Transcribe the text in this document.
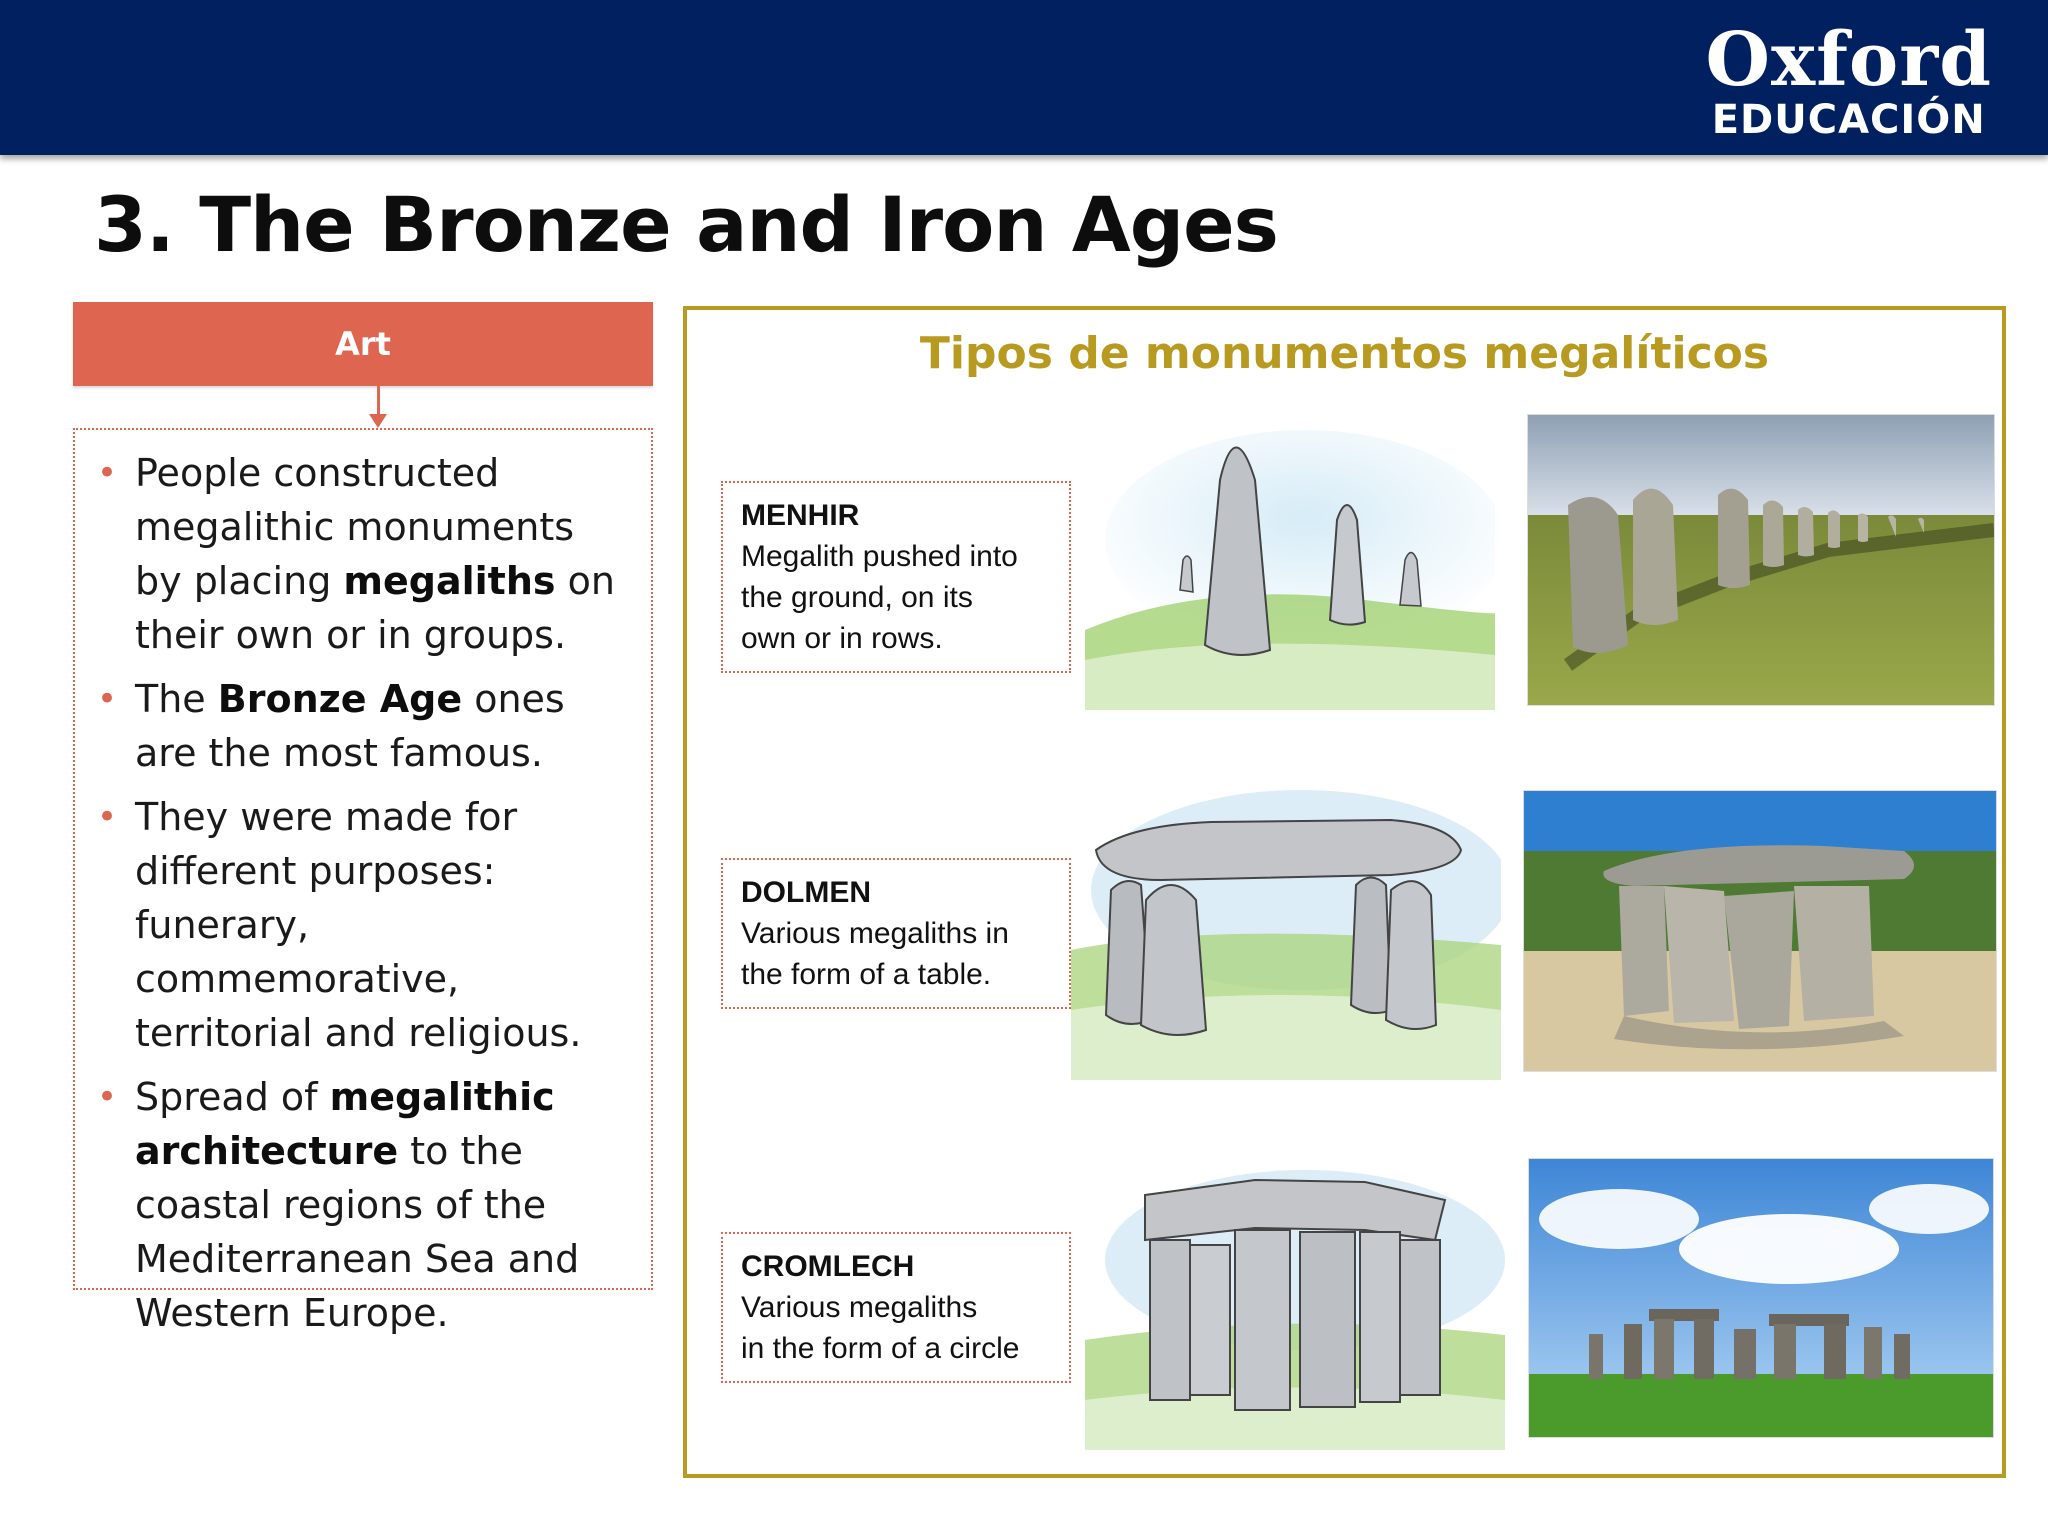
Oxford
EDUCACIÓN
3. The Bronze and Iron Ages
Art
• People constructed megalithic monuments by placing megaliths on their own or in groups.
• The Bronze Age ones are the most famous.
• They were made for different purposes: funerary, commemorative, territorial and religious.
• Spread of megalithic architecture to the coastal regions of the Mediterranean Sea and Western Europe.
Tipos de monumentos megalíticos
MENHIR
Megalith pushed into
the ground, on its
own or in rows.
DOLMEN
Various megaliths in
the form of a table.
CROMLECH
Various megaliths
in the form of a circle
